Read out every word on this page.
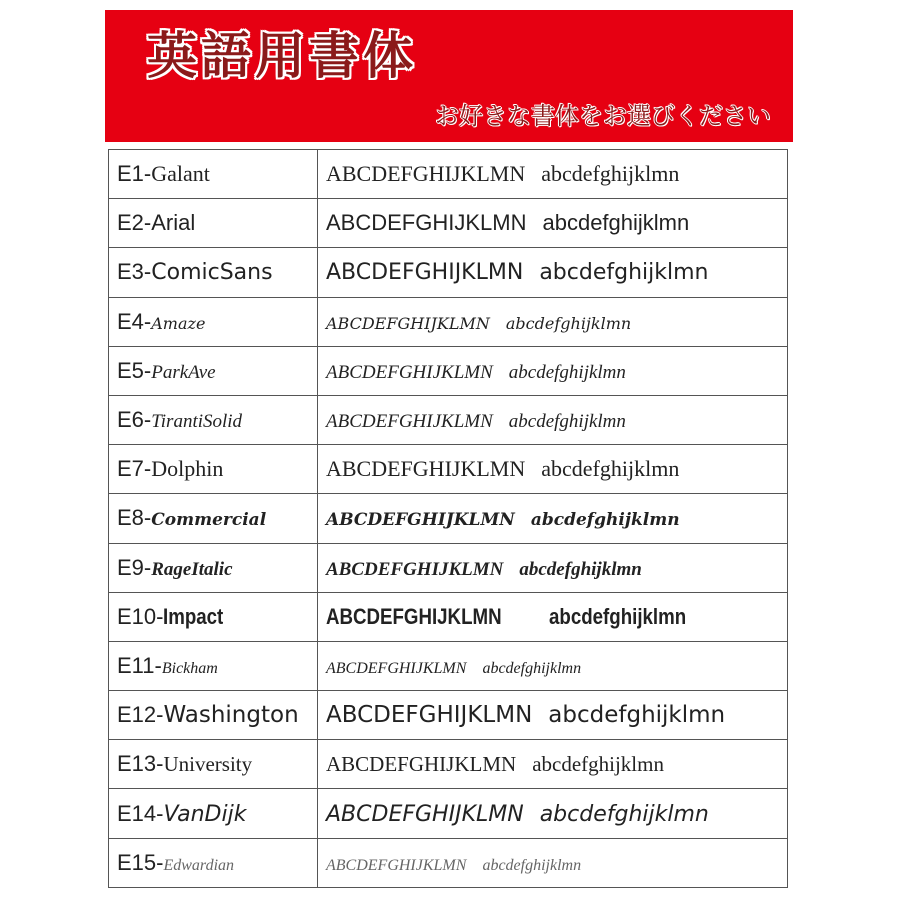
英語用書体
お好きな書体をお選びください
E1-Galant	ABCDEFGHIJKLMN abcdefghijklmn
E2-Arial	ABCDEFGHIJKLMN abcdefghijklmn
E3-ComicSans	ABCDEFGHIJKLMN abcdefghijklmn
E4-Amaze	ABCDEFGHIJKLMN abcdefghijklmn
E5-ParkAve	ABCDEFGHIJKLMN abcdefghijklmn
E6-TirantiSolid	ABCDEFGHIJKLMN abcdefghijklmn
E7-Dolphin	ABCDEFGHIJKLMN abcdefghijklmn
E8-Commercial	ABCDEFGHIJKLMN abcdefghijklmn
E9-RageItalic	ABCDEFGHIJKLMN abcdefghijklmn
E10-Impact	ABCDEFGHIJKLMN abcdefghijklmn
E11-Bickham	ABCDEFGHIJKLMN abcdefghijklmn
E12-Washington	ABCDEFGHIJKLMN abcdefghijklmn
E13-University	ABCDEFGHIJKLMN abcdefghijklmn
E14-VanDijk	ABCDEFGHIJKLMN abcdefghijklmn
E15-Edwardian	ABCDEFGHIJKLMN abcdefghijklmn
